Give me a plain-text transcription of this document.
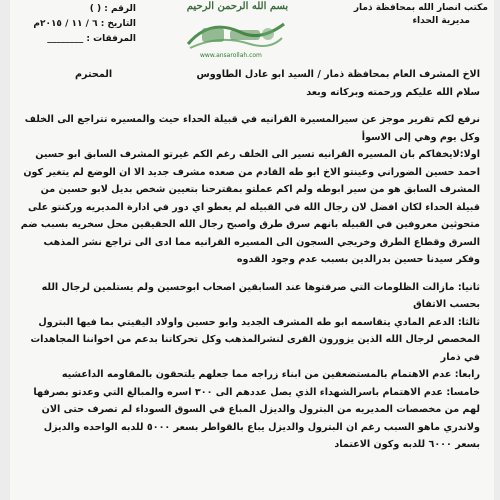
مكتب انصار الله بمحافظة ذمار
مديرية الحداء
بسم الله الرحمن الرحيم
www.ansarollah.com
الرقم : ( )
التاريخ : ٦ / ١١ / ٢٠١٥م
المرفقات : ________

الاخ المشرف العام بمحافظة ذمار / السيد ابو عادل الطاووس
المحترم

سلام الله عليكم ورحمته وبركاته وبعد

نرفع لكم تقرير موجز عن سيرالمسيرة القرانيه في قبيلة الحداء حيث والمسيره تتراجع الى الخلف وكل يوم وهي إلى الاسوأ

اولا:لايخفاكم بان المسيره القرانيه تسير الى الخلف رغم الكم غيرتو المشرف السابق ابو حسين احمد حسين الضوراني وعينتو الاخ ابو طه القادم من صعده مشرف جديد الا ان الوضع لم يتغير كون المشرف السابق هو من سير ابوطه ولم اكم عملتو بمقترحنا بتعيين شخص بديل لابو حسين من قبيلة الحداء لكان افضل لان رجال الله في القبيله لم يعطو اي دور في ادارة المديريه وركنتو على متحوثين معروفين في القبيله بانهم سرق طرق واصبح رجال الله الحقيقين محل سخريه بسبب ضم السرق وقطاع الطرق وخريجي السجون الى المسيره القرانيه مما ادى الى تراجع نشر المذهب وفكر سيدنا حسين بدرالدين بسبب عدم وجود القدوه

ثانيا: مازالت الظلومات التي صرفتوها عند السابقين اصحاب ابوحسين ولم يستلمين لرجال الله بحسب الاتفاق

ثالثا: الدعم المادي يتقاسمه ابو طه المشرف الجديد وابو حسين واولاد اليفيتي بما فيها البترول المخصص لرجال الله الذين يزورون القرى لنشرالمذهب وكل تحركاتنا بدعم من اخواننا المجاهدات في ذمار

رابعا: عدم الاهتمام بالمستضعفين من ابناء زراجه مما جعلهم يلتحقون بالمقاومه الداعشيه

خامسا: عدم الاهتمام باسرالشهداء الذي يصل عددهم الى ٣٠٠ اسره والمبالغ التي وعدتو بصرفها لهم من مخصصات المديريه من البترول والديزل المباع في السوق السوداء لم تصرف حتى الان ولاندري ماهو السبب رغم ان البترول والديزل يباع بالقواطر بسعر ٥٠٠٠ للدبه الواحده والديزل بسعر ٦٠٠٠ للدبه وكون الاعتماد
